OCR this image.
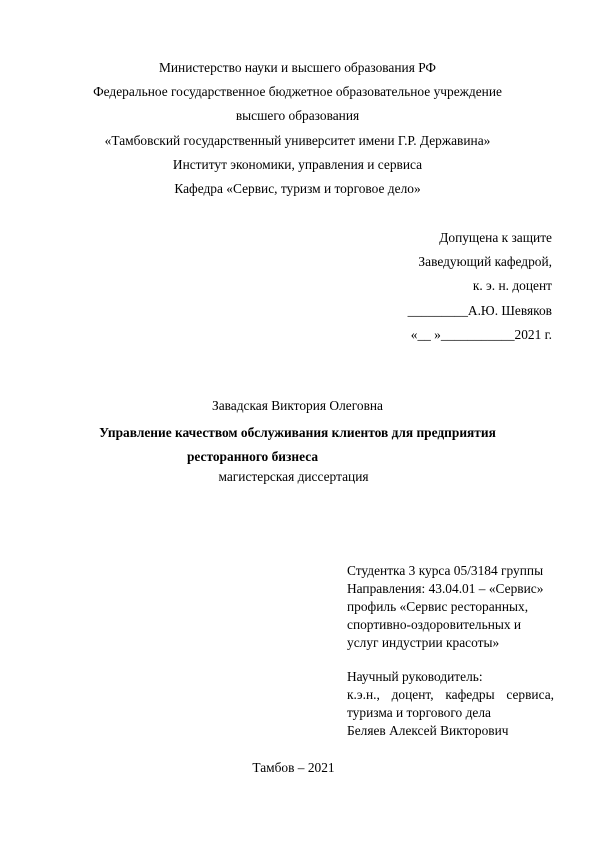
Министерство науки и высшего образования РФ
Федеральное государственное бюджетное образовательное учреждение
высшего образования
«Тамбовский государственный университет имени Г.Р. Державина»
Институт экономики, управления и сервиса
Кафедра «Сервис, туризм и торговое дело»
Допущена к защите
Заведующий кафедрой,
к. э. н. доцент
_________А.Ю. Шевяков
«__ »___________2021 г.
Завадская Виктория Олеговна
Управление качеством обслуживания клиентов для предприятия
ресторанного бизнеса
магистерская диссертация
Студентка 3 курса 05/3184 группы
Направления: 43.04.01 – «Сервис»
профиль «Сервис ресторанных,
спортивно-оздоровительных и
услуг индустрии красоты»
Научный руководитель:
к.э.н., доцент, кафедры сервиса,
туризма и торгового дела
Беляев Алексей Викторович
Тамбов – 2021
